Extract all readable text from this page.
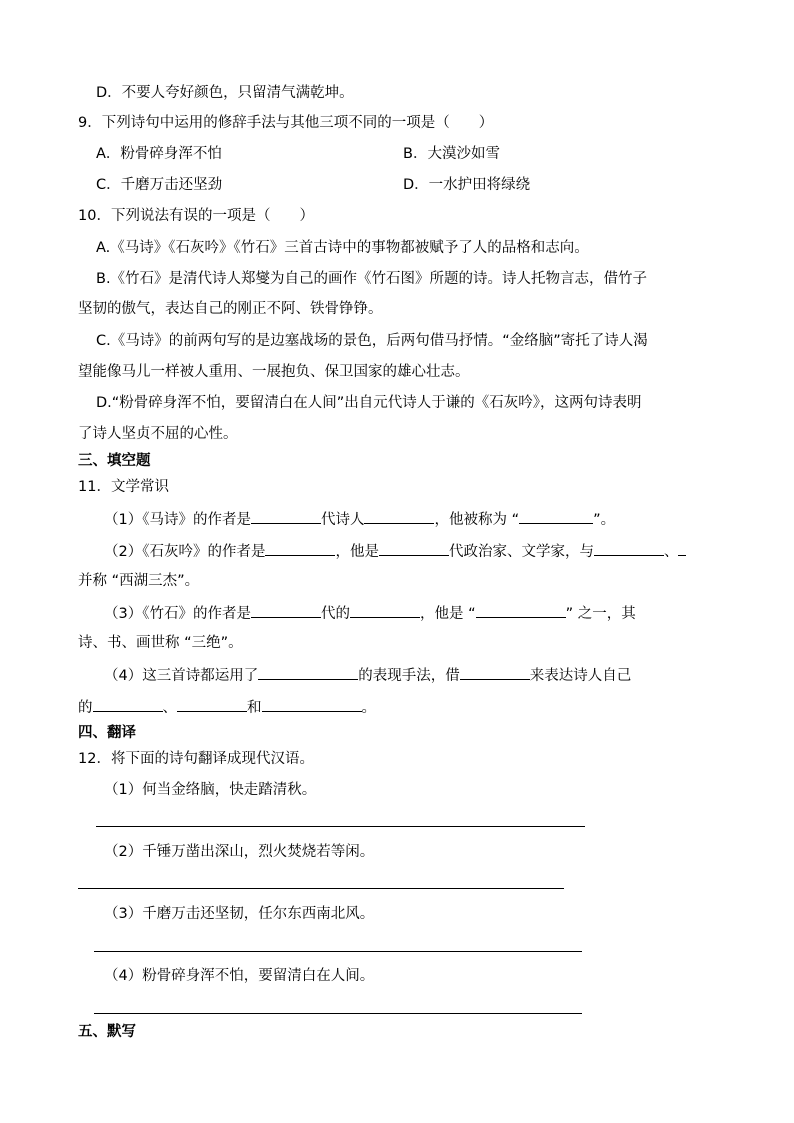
D．不要人夸好颜色，只留清气满乾坤。
9．下列诗句中运用的修辞手法与其他三项不同的一项是（　　）
A．粉骨碎身浑不怕	B．大漠沙如雪
C．千磨万击还坚劲	D．一水护田将绿绕
10．下列说法有误的一项是（　　）
A.《马诗》《石灰吟》《竹石》三首古诗中的事物都被赋予了人的品格和志向。
B.《竹石》是清代诗人郑燮为自己的画作《竹石图》所题的诗。诗人托物言志，借竹子
坚韧的傲气，表达自己的刚正不阿、铁骨铮铮。
C.《马诗》的前两句写的是边塞战场的景色，后两句借马抒情。“金络脑”寄托了诗人渴
望能像马儿一样被人重用、一展抱负、保卫国家的雄心壮志。
D.“粉骨碎身浑不怕，要留清白在人间”出自元代诗人于谦的《石灰吟》，这两句诗表明
了诗人坚贞不屈的心性。
三、填空题
11．文学常识
（1）《马诗》的作者是	代诗人	，他被称为 “	”。
（2）《石灰吟》的作者是	，他是	代政治家、文学家，与	、
并称 “西湖三杰”。
（3）《竹石》的作者是	代的	，他是 “	” 之一，其
诗、书、画世称 “三绝”。
（4）这三首诗都运用了	的表现手法，借	来表达诗人自己
的	、	和	。
四、翻译
12．将下面的诗句翻译成现代汉语。
（1）何当金络脑，快走踏清秋。
（2）千锤万凿出深山，烈火焚烧若等闲。
（3）千磨万击还坚韧，任尔东西南北风。
（4）粉骨碎身浑不怕，要留清白在人间。
五、默写
